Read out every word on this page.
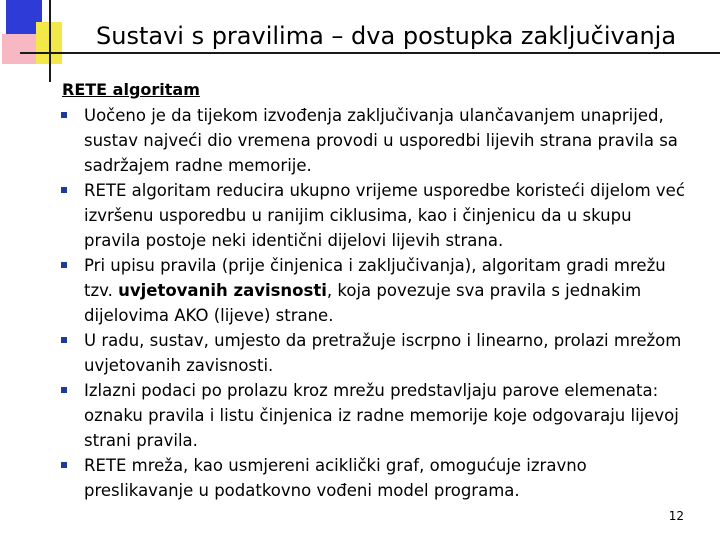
Sustavi s pravilima – dva postupka zaključivanja
RETE algoritam
Uočeno je da tijekom izvođenja zaključivanja ulančavanjem unaprijed, sustav najveći dio vremena provodi u usporedbi lijevih strana pravila sa sadržajem radne memorije.
RETE algoritam reducira ukupno vrijeme usporedbe koristeći dijelom već izvršenu usporedbu u ranijim ciklusima, kao i činjenicu da u skupu pravila postoje neki identični dijelovi lijevih strana.
Pri upisu pravila (prije činjenica i zaključivanja), algoritam gradi mrežu tzv. uvjetovanih zavisnosti, koja povezuje sva pravila s jednakim dijelovima AKO (lijeve) strane.
U radu, sustav, umjesto da pretražuje iscrpno i linearno, prolazi mrežom uvjetovanih zavisnosti.
Izlazni podaci po prolazu kroz mrežu predstavljaju parove elemenata: oznaku pravila i listu činjenica iz radne memorije koje odgovaraju lijevoj strani pravila.
RETE mreža, kao usmjereni aciklički graf, omogućuje izravno preslikavanje u podatkovno vođeni model programa.
12
